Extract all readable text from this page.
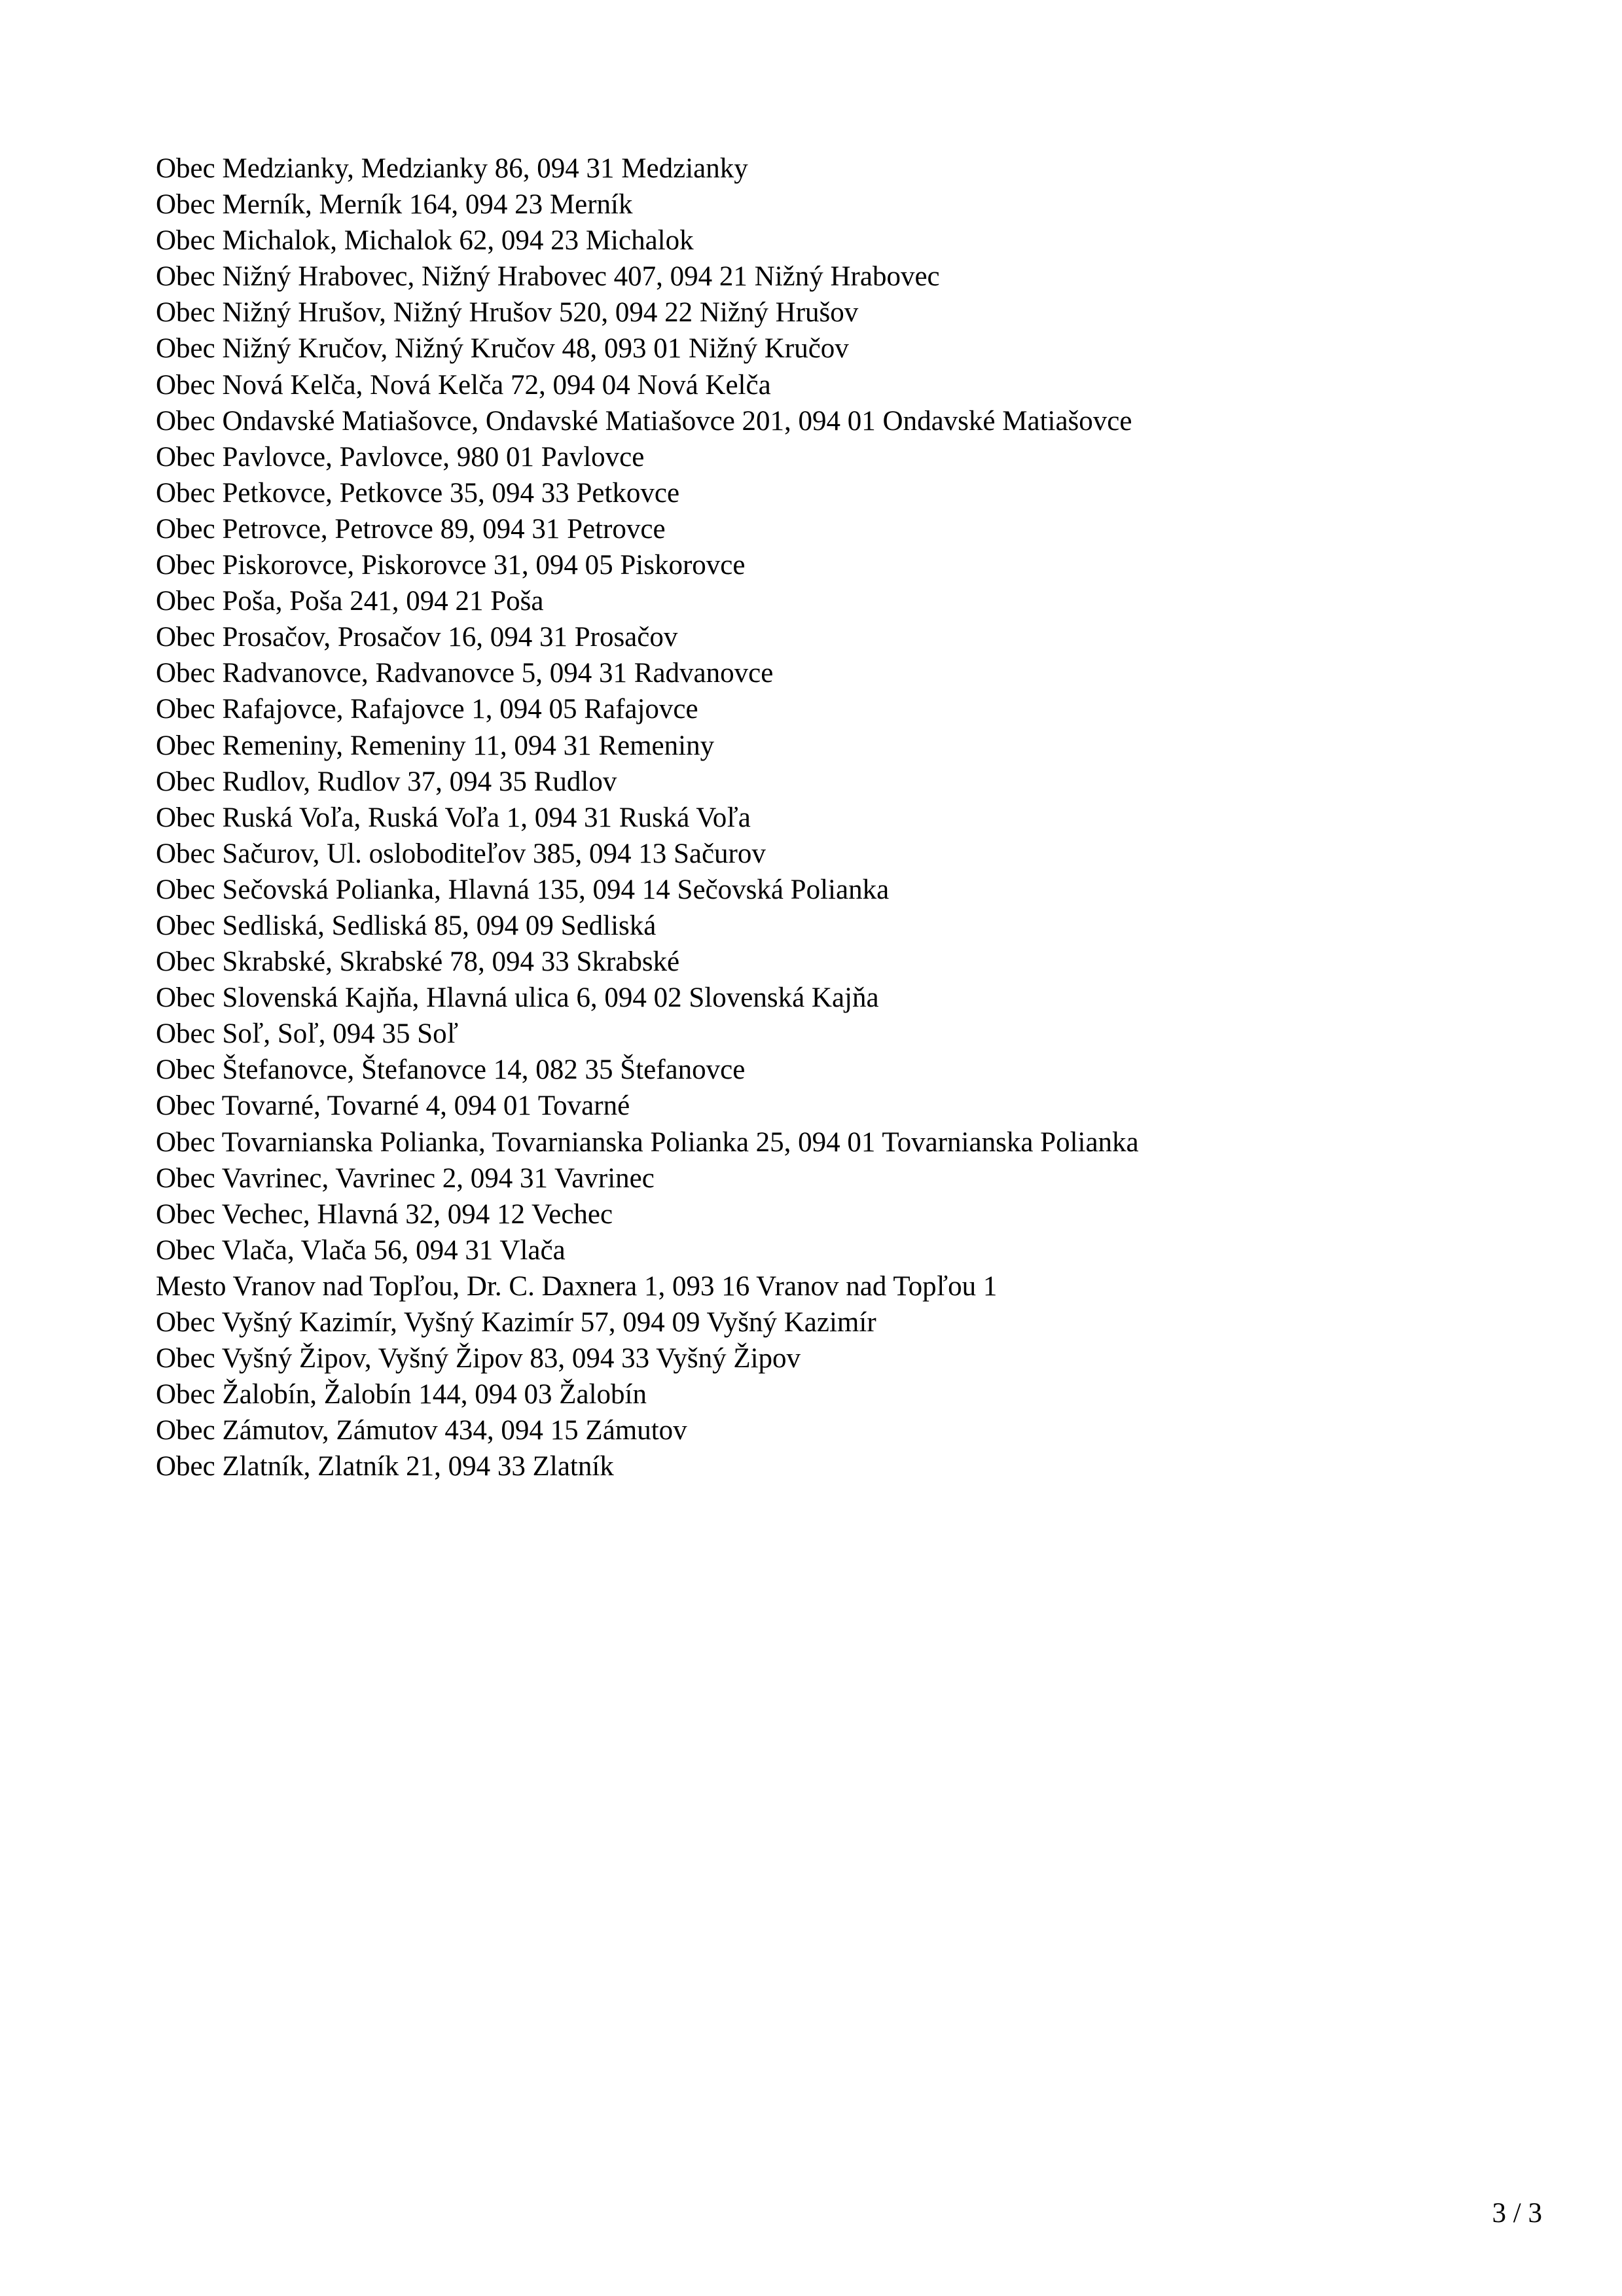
Obec Medzianky, Medzianky 86, 094 31 Medzianky
Obec Merník, Merník 164, 094 23 Merník
Obec Michalok, Michalok 62, 094 23 Michalok
Obec Nižný Hrabovec, Nižný Hrabovec 407, 094 21 Nižný Hrabovec
Obec Nižný Hrušov, Nižný Hrušov 520, 094 22 Nižný Hrušov
Obec Nižný Kručov, Nižný Kručov 48, 093 01 Nižný Kručov
Obec Nová Kelča, Nová Kelča 72, 094 04 Nová Kelča
Obec Ondavské Matiašovce, Ondavské Matiašovce 201, 094 01 Ondavské Matiašovce
Obec Pavlovce, Pavlovce, 980 01 Pavlovce
Obec Petkovce, Petkovce 35, 094 33 Petkovce
Obec Petrovce, Petrovce 89, 094 31 Petrovce
Obec Piskorovce, Piskorovce 31, 094 05 Piskorovce
Obec Poša, Poša 241, 094 21 Poša
Obec Prosačov, Prosačov 16, 094 31 Prosačov
Obec Radvanovce, Radvanovce 5, 094 31 Radvanovce
Obec Rafajovce, Rafajovce 1, 094 05 Rafajovce
Obec Remeniny, Remeniny 11, 094 31 Remeniny
Obec Rudlov, Rudlov 37, 094 35 Rudlov
Obec Ruská Voľa, Ruská Voľa 1, 094 31 Ruská Voľa
Obec Sačurov, Ul. osloboditeľov 385, 094 13 Sačurov
Obec Sečovská Polianka, Hlavná 135, 094 14 Sečovská Polianka
Obec Sedliská, Sedliská 85, 094 09 Sedliská
Obec Skrabské, Skrabské 78, 094 33 Skrabské
Obec Slovenská Kajňa, Hlavná ulica 6, 094 02 Slovenská Kajňa
Obec Soľ, Soľ, 094 35 Soľ
Obec Štefanovce, Štefanovce 14, 082 35 Štefanovce
Obec Tovarné, Tovarné 4, 094 01 Tovarné
Obec Tovarnianska Polianka, Tovarnianska Polianka 25, 094 01 Tovarnianska Polianka
Obec Vavrinec, Vavrinec 2, 094 31 Vavrinec
Obec Vechec, Hlavná 32, 094 12 Vechec
Obec Vlača, Vlača 56, 094 31 Vlača
Mesto Vranov nad Topľou, Dr. C. Daxnera 1, 093 16 Vranov nad Topľou 1
Obec Vyšný Kazimír, Vyšný Kazimír 57, 094 09 Vyšný Kazimír
Obec Vyšný Žipov, Vyšný Žipov 83, 094 33 Vyšný Žipov
Obec Žalobín, Žalobín 144, 094 03 Žalobín
Obec Zámutov, Zámutov 434, 094 15 Zámutov
Obec Zlatník, Zlatník 21, 094 33 Zlatník
3 / 3
